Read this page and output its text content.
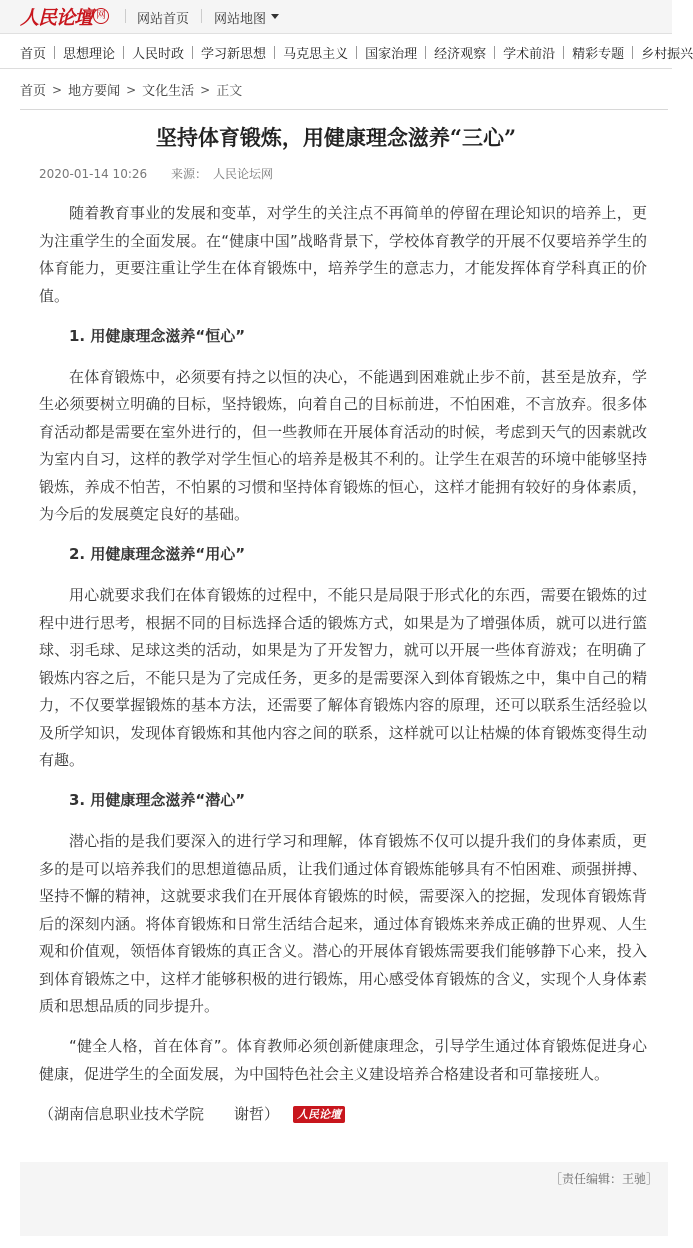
人民论壇 网 网站首页 网站地图
首页 思想理论 人民时政 学习新思想 马克思主义 国家治理 经济观察 学术前沿 精彩专题 乡村振兴
首页 > 地方要闻 > 文化生活 > 正文
坚持体育锻炼，用健康理念滋养“三心”
2020-01-14 10:26 来源： 人民论坛网

随着教育事业的发展和变革，对学生的关注点不再简单的停留在理论知识的培养上，更为注重学生的全面发展。在“健康中国”战略背景下，学校体育教学的开展不仅要培养学生的体育能力，更要注重让学生在体育锻炼中，培养学生的意志力，才能发挥体育学科真正的价值。

1. 用健康理念滋养“恒心”

在体育锻炼中，必须要有持之以恒的决心，不能遇到困难就止步不前，甚至是放弃，学生必须要树立明确的目标，坚持锻炼，向着自己的目标前进，不怕困难，不言放弃。很多体育活动都是需要在室外进行的，但一些教师在开展体育活动的时候，考虑到天气的因素就改为室内自习，这样的教学对学生恒心的培养是极其不利的。让学生在艰苦的环境中能够坚持锻炼，养成不怕苦，不怕累的习惯和坚持体育锻炼的恒心，这样才能拥有较好的身体素质，为今后的发展奠定良好的基础。

2. 用健康理念滋养“用心”

用心就要求我们在体育锻炼的过程中，不能只是局限于形式化的东西，需要在锻炼的过程中进行思考，根据不同的目标选择合适的锻炼方式，如果是为了增强体质，就可以进行篮球、羽毛球、足球这类的活动，如果是为了开发智力，就可以开展一些体育游戏；在明确了锻炼内容之后，不能只是为了完成任务，更多的是需要深入到体育锻炼之中，集中自己的精力，不仅要掌握锻炼的基本方法，还需要了解体育锻炼内容的原理，还可以联系生活经验以及所学知识，发现体育锻炼和其他内容之间的联系，这样就可以让枯燥的体育锻炼变得生动有趣。

3. 用健康理念滋养“潜心”

潜心指的是我们要深入的进行学习和理解，体育锻炼不仅可以提升我们的身体素质，更多的是可以培养我们的思想道德品质，让我们通过体育锻炼能够具有不怕困难、顽强拼搏、坚持不懈的精神，这就要求我们在开展体育锻炼的时候，需要深入的挖掘，发现体育锻炼背后的深刻内涵。将体育锻炼和日常生活结合起来，通过体育锻炼来养成正确的世界观、人生观和价值观，领悟体育锻炼的真正含义。潜心的开展体育锻炼需要我们能够静下心来，投入到体育锻炼之中，这样才能够积极的进行锻炼，用心感受体育锻炼的含义，实现个人身体素质和思想品质的同步提升。

“健全人格，首在体育”。体育教师必须创新健康理念，引导学生通过体育锻炼促进身心健康，促进学生的全面发展，为中国特色社会主义建设培养合格建设者和可靠接班人。

（湖南信息职业技术学院　　谢哲）	人民论壇
［责任编辑：王驰］
